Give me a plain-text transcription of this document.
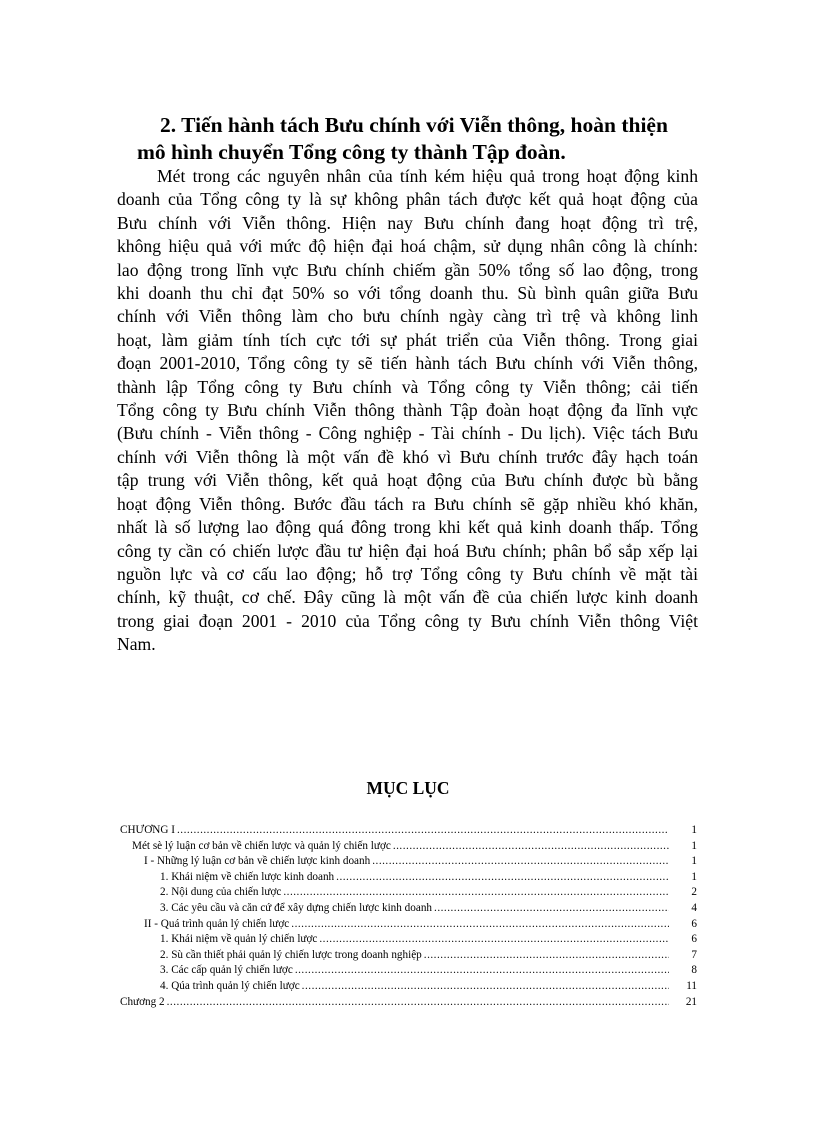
2. Tiến hành tách Bưu chính với Viễn thông, hoàn thiện
mô hình chuyển Tổng công ty thành Tập đoàn.
Mét trong các nguyên nhân của tính kém hiệu quả trong hoạt động kinh
doanh của Tổng công ty là sự không phân tách được kết quả hoạt động của
Bưu chính với Viễn thông. Hiện nay Bưu chính đang hoạt động trì trệ,
không hiệu quả với mức độ hiện đại hoá chậm, sử dụng nhân công là chính:
lao động trong lĩnh vực Bưu chính chiếm gần 50% tổng số lao động, trong
khi doanh thu chỉ đạt 50% so với tổng doanh thu. Sù bình quân giữa Bưu
chính với Viễn thông làm cho bưu chính ngày càng trì trệ và không linh
hoạt, làm giảm tính tích cực tới sự phát triển của Viễn thông. Trong giai
đoạn 2001-2010, Tổng công ty sẽ tiến hành tách Bưu chính với Viễn thông,
thành lập Tổng công ty Bưu chính và Tổng công ty Viễn thông; cải tiến
Tổng công ty Bưu chính Viễn thông thành Tập đoàn hoạt động đa lĩnh vực
(Bưu chính - Viễn thông - Công nghiệp - Tài chính - Du lịch). Việc tách Bưu
chính với Viễn thông là một vấn đề khó vì Bưu chính trước đây hạch toán
tập trung với Viễn thông, kết quả hoạt động của Bưu chính được bù bằng
hoạt động Viễn thông. Bước đầu tách ra Bưu chính sẽ gặp nhiều khó khăn,
nhất là số lượng lao động quá đông trong khi kết quả kinh doanh thấp. Tổng
công ty cần có chiến lược đầu tư hiện đại hoá Bưu chính; phân bổ sắp xếp lại
nguồn lực và cơ cấu lao động; hỗ trợ Tổng công ty Bưu chính về mặt tài
chính, kỹ thuật, cơ chế. Đây cũng là một vấn đề của chiến lược kinh doanh
trong giai đoạn 2001 - 2010 của Tổng công ty Bưu chính Viễn thông Việt
Nam.
MỤC LỤC
CHƯƠNG I .....	1
Mét sè lý luận cơ bản về chiến lược và quản lý chiến lược .....	1
I - Những lý luận cơ bản về chiến lược kinh doanh .....	1
1. Khái niệm về chiến lược kinh doanh .....	1
2. Nội dung của chiến lược .....	2
3. Các yêu cầu và căn cứ để xây dựng chiến lược kinh doanh .....	4
II - Quá trình quản lý chiến lược .....	6
1. Khái niệm về quản lý chiến lược .....	6
2. Sù cần thiết phải quản lý chiến lược trong doanh nghiệp .....	7
3. Các cấp quản lý chiến lược .....	8
4. Qúa trình quản lý chiến lược .....	11
Chương 2 .....	21
